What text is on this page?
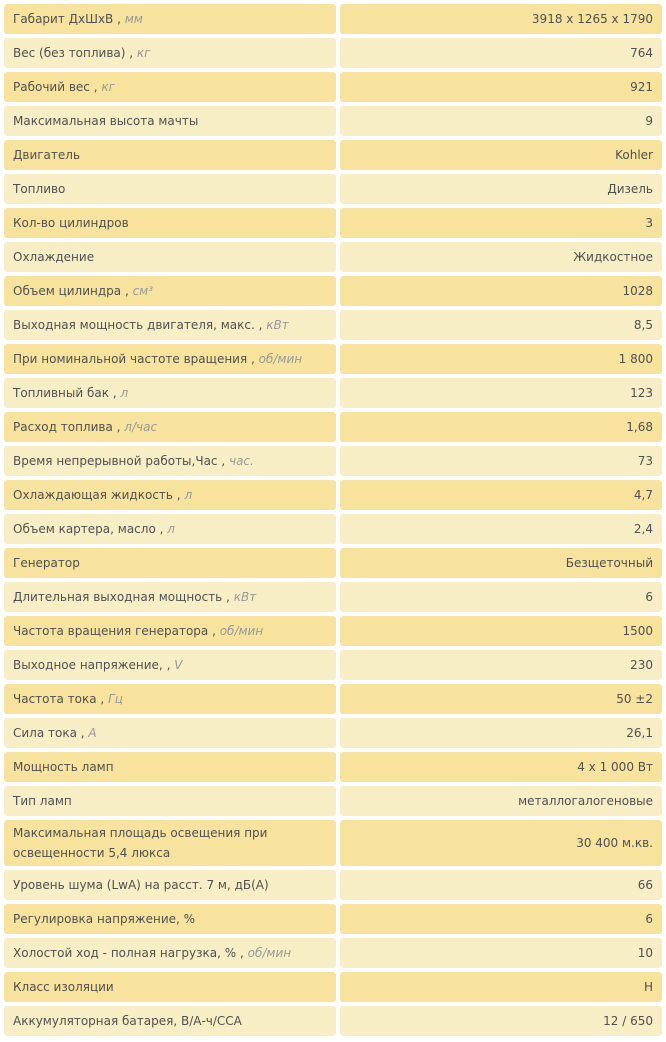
Габарит ДхШхВ , мм	3918 x 1265 x 1790
Вес (без топлива) , кг	764
Рабочий вес , кг	921
Максимальная высота мачты	9
Двигатель	Kohler
Топливо	Дизель
Кол-во цилиндров	3
Охлаждение	Жидкостное
Объем цилиндра , см³	1028
Выходная мощность двигателя, макс. , кВт	8,5
При номинальной частоте вращения , об/мин	1 800
Топливный бак , л	123
Расход топлива , л/час	1,68
Время непрерывной работы,Час , час.	73
Охлаждающая жидкость , л	4,7
Объем картера, масло , л	2,4
Генератор	Безщеточный
Длительная выходная мощность , кВт	6
Частота вращения генератора , об/мин	1500
Выходное напряжение, , V	230
Частота тока , Гц	50 ±2
Сила тока , А	26,1
Мощность ламп	4 x 1 000 Вт
Тип ламп	металлогалогеновые
Максимальная площадь освещения при освещенности 5,4 люкса	30 400 м.кв.
Уровень шума (LwA) на расст. 7 м, дБ(А)	66
Регулировка напряжение, %	6
Холостой ход - полная нагрузка, % , об/мин	10
Класс изоляции	H
Аккумуляторная батарея, В/А-ч/CCA	12 / 650
